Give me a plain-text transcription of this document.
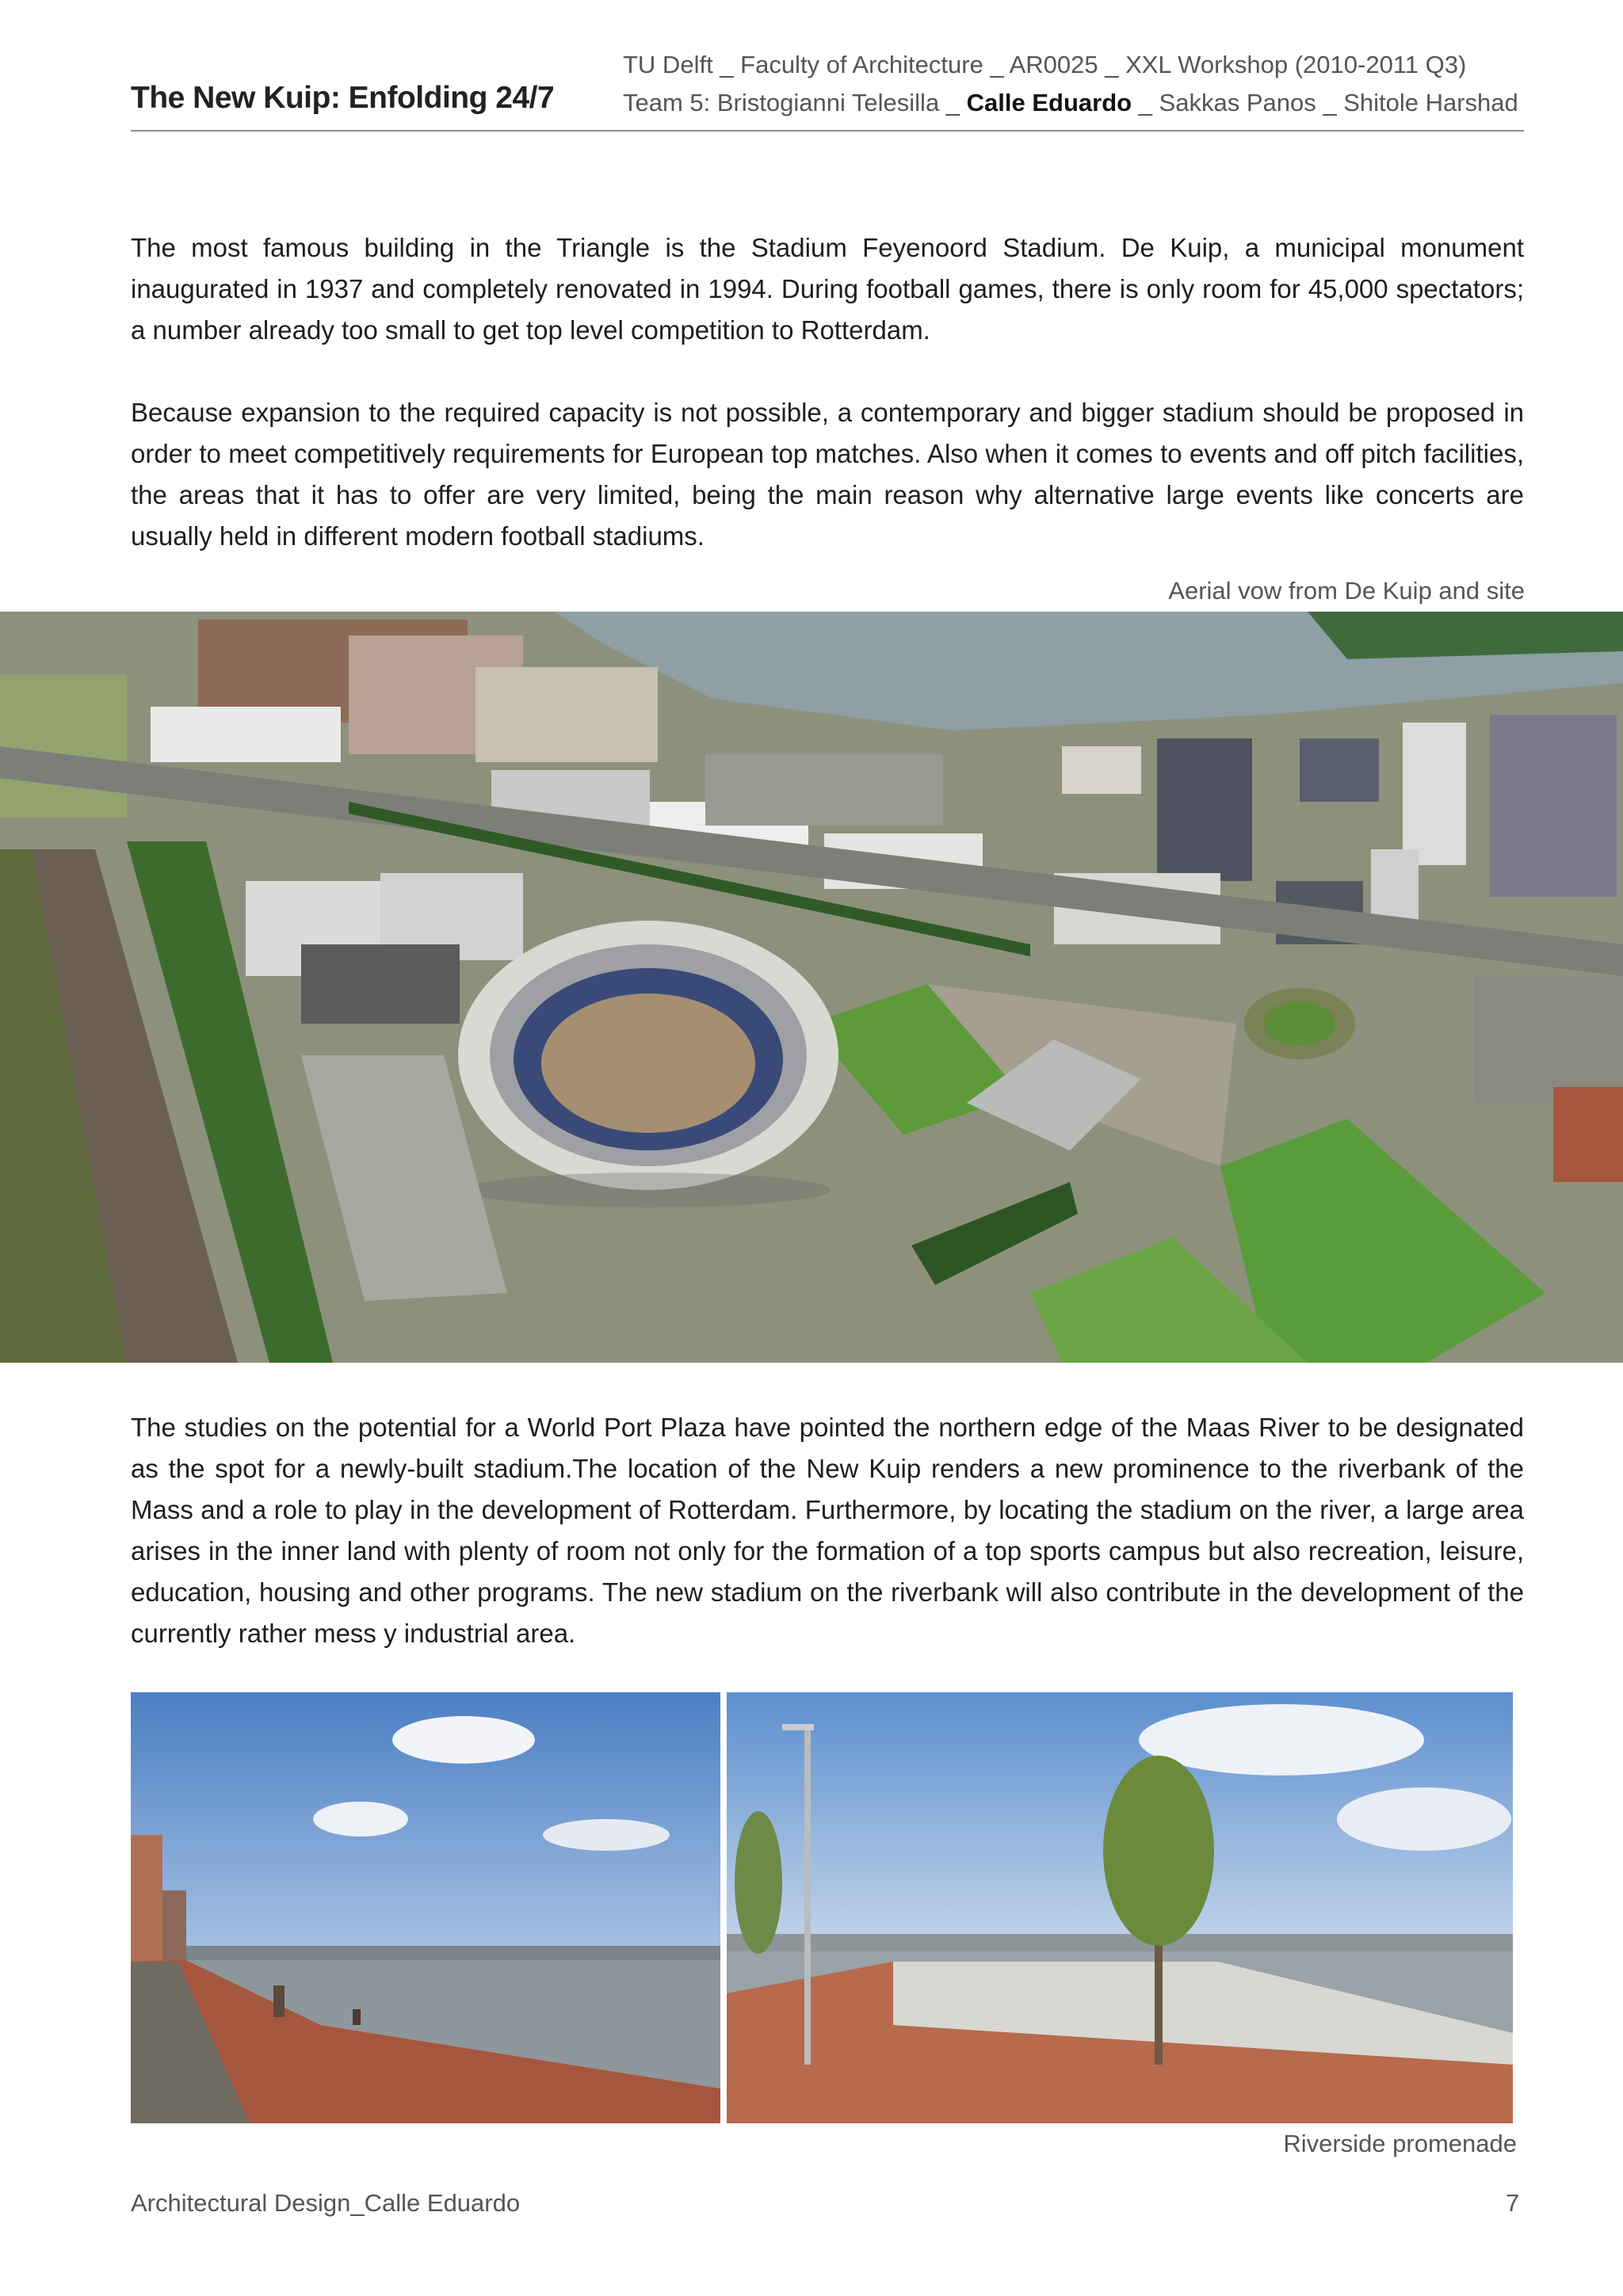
The New Kuip: Enfolding 24/7
TU Delft _ Faculty of Architecture _ AR0025 _ XXL Workshop (2010-2011 Q3)
Team 5: Bristogianni Telesilla _ Calle Eduardo _ Sakkas Panos _ Shitole Harshad
The most famous building in the Triangle is the Stadium Feyenoord Stadium. De Kuip, a municipal monument inaugurated in 1937 and completely renovated in 1994. During football games, there is only room for 45,000 spectators; a number already too small to get top level competition to Rotterdam.
Because expansion to the required capacity is not possible, a contemporary and bigger stadium should be proposed in order to meet competitively requirements for European top matches. Also when it comes to events and off pitch facilities, the areas that it has to offer are very limited, being the main reason why alternative large events like concerts are usually held in different modern football stadiums.
Aerial vow from De Kuip and site
The studies on the potential for a World Port Plaza have pointed the northern edge of the Maas River to be designated as the spot for a newly-built stadium.The location of the New Kuip renders a new prominence to the riverbank of the Mass and a role to play in the development of Rotterdam. Furthermore, by locating the stadium on the river, a large area arises in the inner land with plenty of room not only for the formation of a top sports campus but also recreation, leisure, education, housing and other programs. The new stadium on the riverbank will also contribute in the development of the currently rather mess y industrial area.
Riverside promenade
Architectural Design_Calle Eduardo	7
